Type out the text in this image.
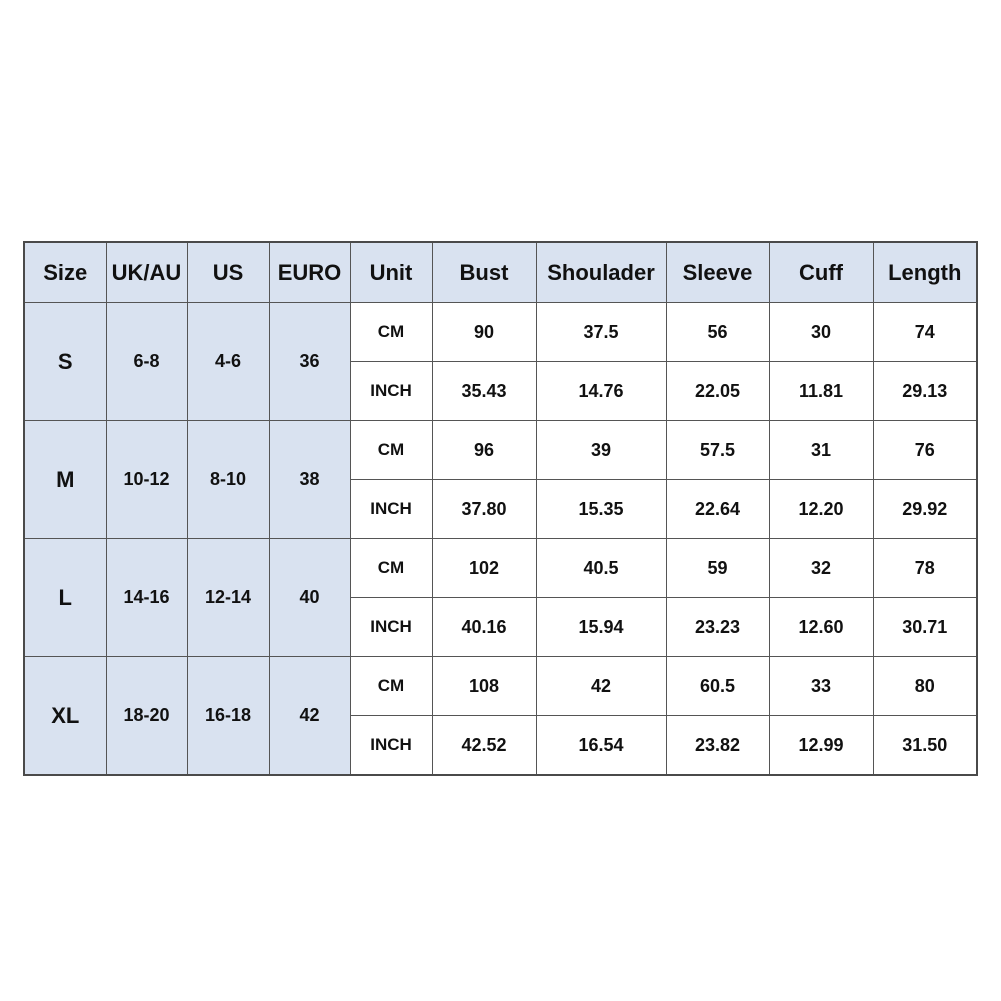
Size	UK/AU	US	EURO	Unit	Bust	Shoulader	Sleeve	Cuff	Length
S	6-8	4-6	36	CM	90	37.5	56	30	74
				INCH	35.43	14.76	22.05	11.81	29.13
M	10-12	8-10	38	CM	96	39	57.5	31	76
				INCH	37.80	15.35	22.64	12.20	29.92
L	14-16	12-14	40	CM	102	40.5	59	32	78
				INCH	40.16	15.94	23.23	12.60	30.71
XL	18-20	16-18	42	CM	108	42	60.5	33	80
				INCH	42.52	16.54	23.82	12.99	31.50
